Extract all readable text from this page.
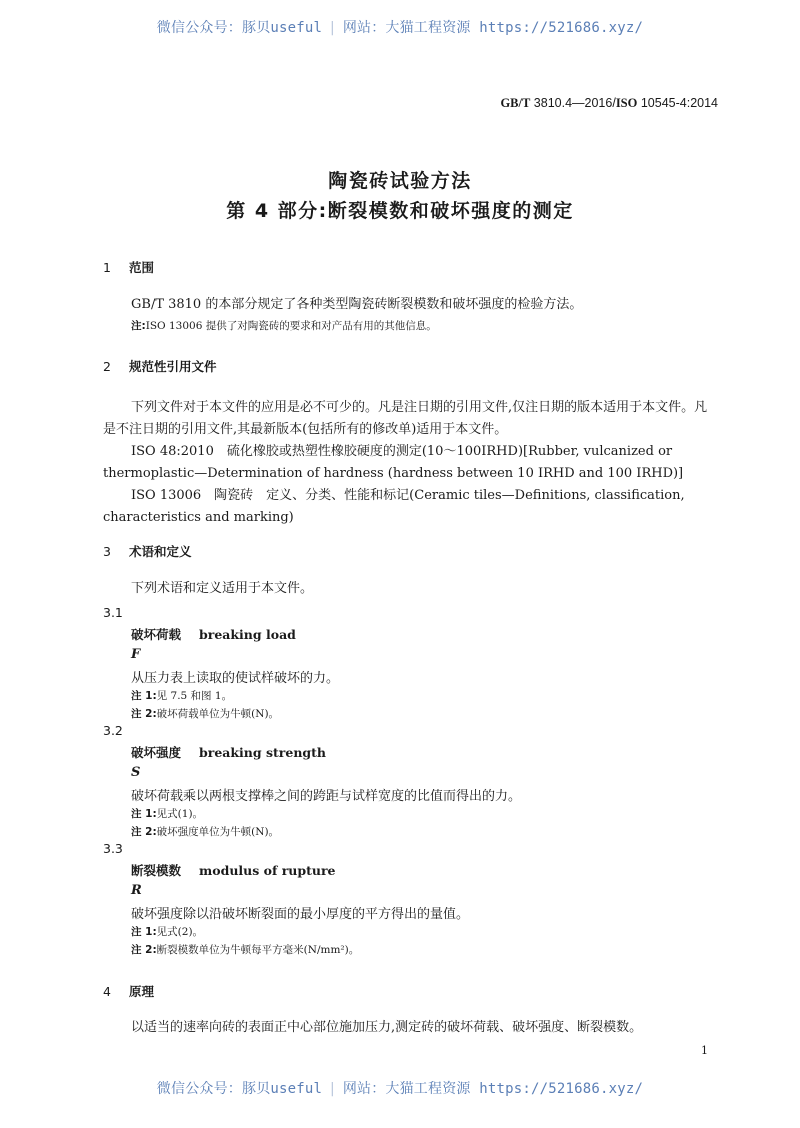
微信公众号：豚贝useful | 网站：大猫工程资源 https://521686.xyz/
GB/T 3810.4—2016/ISO 10545-4:2014
陶瓷砖试验方法
第 4 部分:断裂模数和破坏强度的测定
1 范围
GB/T 3810 的本部分规定了各种类型陶瓷砖断裂模数和破坏强度的检验方法。
注:ISO 13006 提供了对陶瓷砖的要求和对产品有用的其他信息。
2 规范性引用文件
下列文件对于本文件的应用是必不可少的。凡是注日期的引用文件,仅注日期的版本适用于本文件。凡是不注日期的引用文件,其最新版本(包括所有的修改单)适用于本文件。
ISO 48:2010　硫化橡胶或热塑性橡胶硬度的测定(10～100IRHD)[Rubber, vulcanized or thermoplastic—Determination of hardness (hardness between 10 IRHD and 100 IRHD)]
ISO 13006　陶瓷砖　定义、分类、性能和标记(Ceramic tiles—Definitions, classification, characteristics and marking)
3 术语和定义
下列术语和定义适用于本文件。
3.1
破坏荷载 breaking load
F
从压力表上读取的使试样破坏的力。
注 1:见 7.5 和图 1。
注 2:破坏荷载单位为牛顿(N)。
3.2
破坏强度 breaking strength
S
破坏荷载乘以两根支撑棒之间的跨距与试样宽度的比值而得出的力。
注 1:见式(1)。
注 2:破坏强度单位为牛顿(N)。
3.3
断裂模数 modulus of rupture
R
破坏强度除以沿破坏断裂面的最小厚度的平方得出的量值。
注 1:见式(2)。
注 2:断裂模数单位为牛顿每平方毫米(N/mm²)。
4 原理
以适当的速率向砖的表面正中心部位施加压力,测定砖的破坏荷载、破坏强度、断裂模数。
1
微信公众号：豚贝useful | 网站：大猫工程资源 https://521686.xyz/
